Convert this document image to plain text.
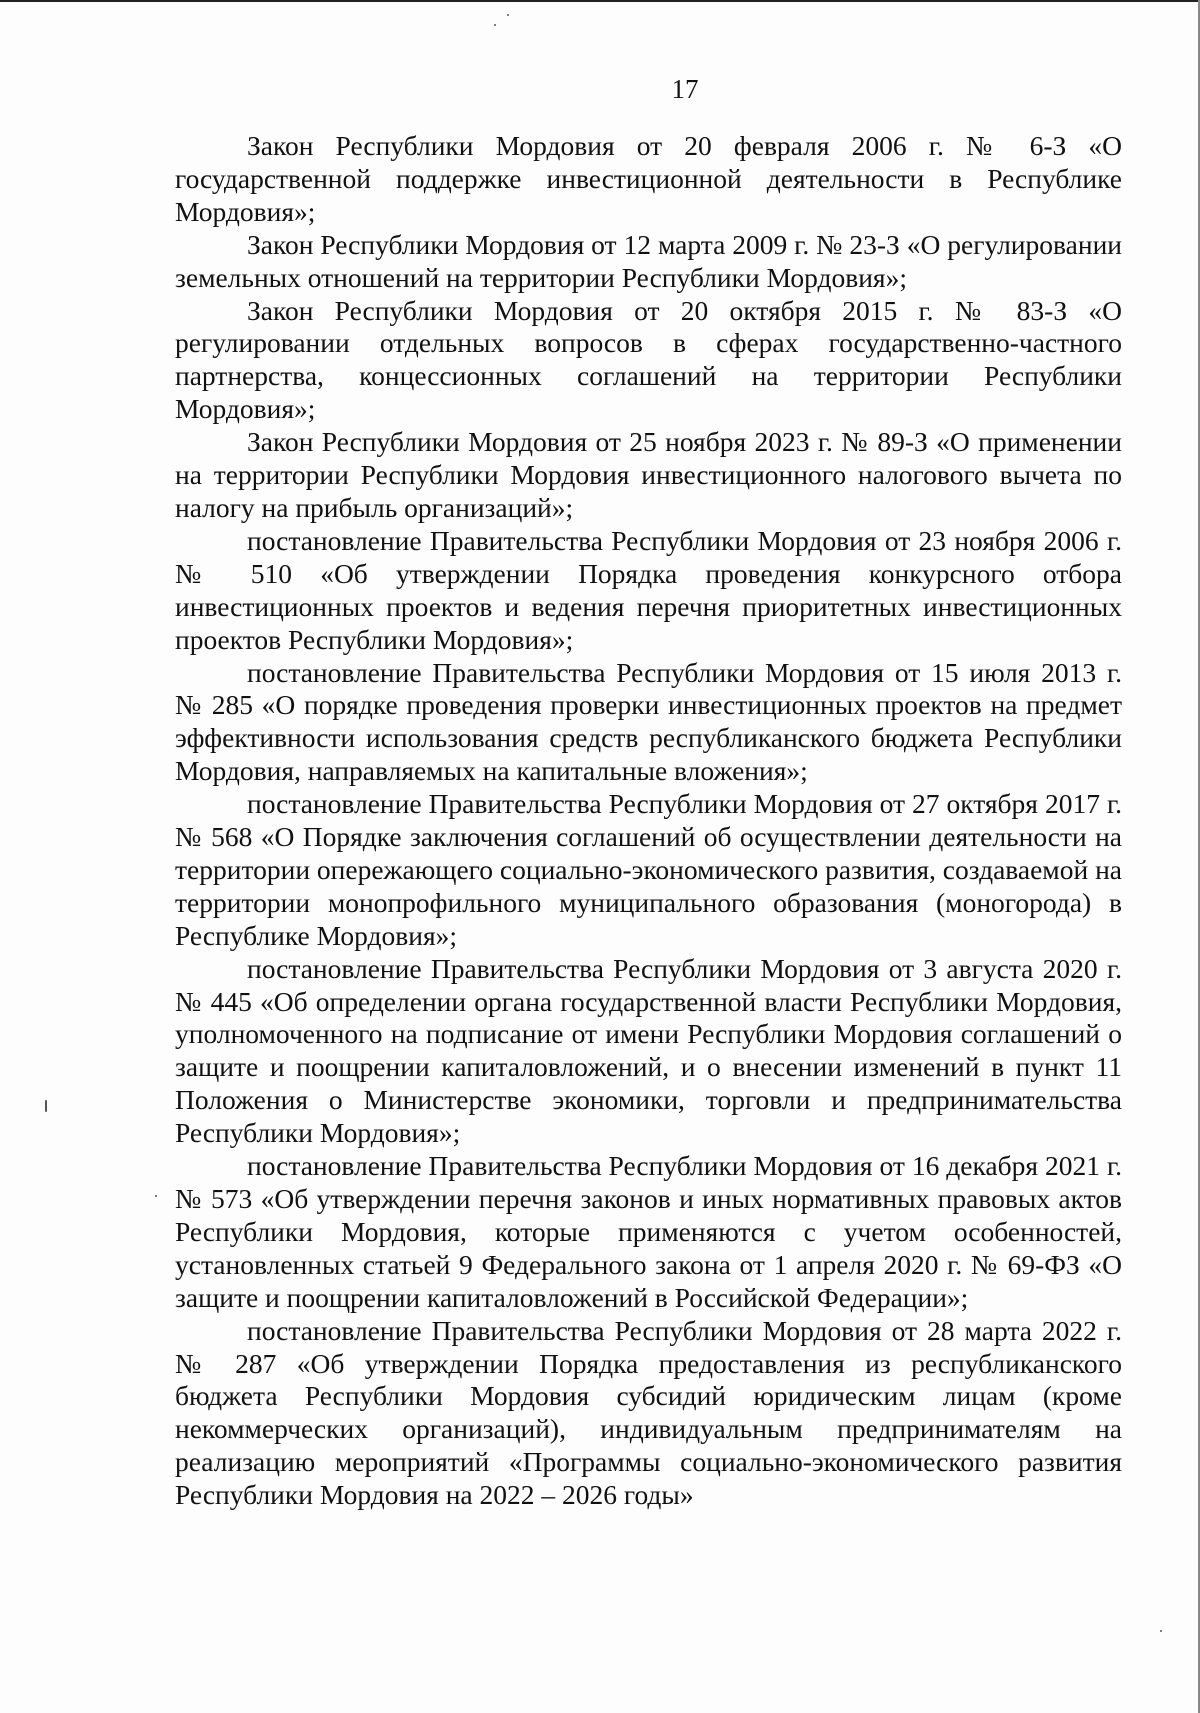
17

Закон Республики Мордовия от 20 февраля 2006 г. № 6-З «О государственной поддержке инвестиционной деятельности в Республике Мордовия»;

Закон Республики Мордовия от 12 марта 2009 г. № 23-З «О регулировании земельных отношений на территории Республики Мордовия»;

Закон Республики Мордовия от 20 октября 2015 г. № 83-З «О регулировании отдельных вопросов в сферах государственно-частного партнерства, концессионных соглашений на территории Республики Мордовия»;

Закон Республики Мордовия от 25 ноября 2023 г. № 89-З «О применении на территории Республики Мордовия инвестиционного налогового вычета по налогу на прибыль организаций»;

постановление Правительства Республики Мордовия от 23 ноября 2006 г. № 510 «Об утверждении Порядка проведения конкурсного отбора инвестиционных проектов и ведения перечня приоритетных инвестиционных проектов Республики Мордовия»;

постановление Правительства Республики Мордовия от 15 июля 2013 г. № 285 «О порядке проведения проверки инвестиционных проектов на предмет эффективности использования средств республиканского бюджета Республики Мордовия, направляемых на капитальные вложения»;

постановление Правительства Республики Мордовия от 27 октября 2017 г. № 568 «О Порядке заключения соглашений об осуществлении деятельности на территории опережающего социально-экономического развития, создаваемой на территории монопрофильного муниципального образования (моногорода) в Республике Мордовия»;

постановление Правительства Республики Мордовия от 3 августа 2020 г. № 445 «Об определении органа государственной власти Республики Мордовия, уполномоченного на подписание от имени Республики Мордовия соглашений о защите и поощрении капиталовложений, и о внесении изменений в пункт 11 Положения о Министерстве экономики, торговли и предпринимательства Республики Мордовия»;

постановление Правительства Республики Мордовия от 16 декабря 2021 г. № 573 «Об утверждении перечня законов и иных нормативных правовых актов Республики Мордовия, которые применяются с учетом особенностей, установленных статьей 9 Федерального закона от 1 апреля 2020 г. № 69-ФЗ «О защите и поощрении капиталовложений в Российской Федерации»;

постановление Правительства Республики Мордовия от 28 марта 2022 г. № 287 «Об утверждении Порядка предоставления из республиканского бюджета Республики Мордовия субсидий юридическим лицам (кроме некоммерческих организаций), индивидуальным предпринимателям на реализацию мероприятий «Программы социально-экономического развития Республики Мордовия на 2022 – 2026 годы»
